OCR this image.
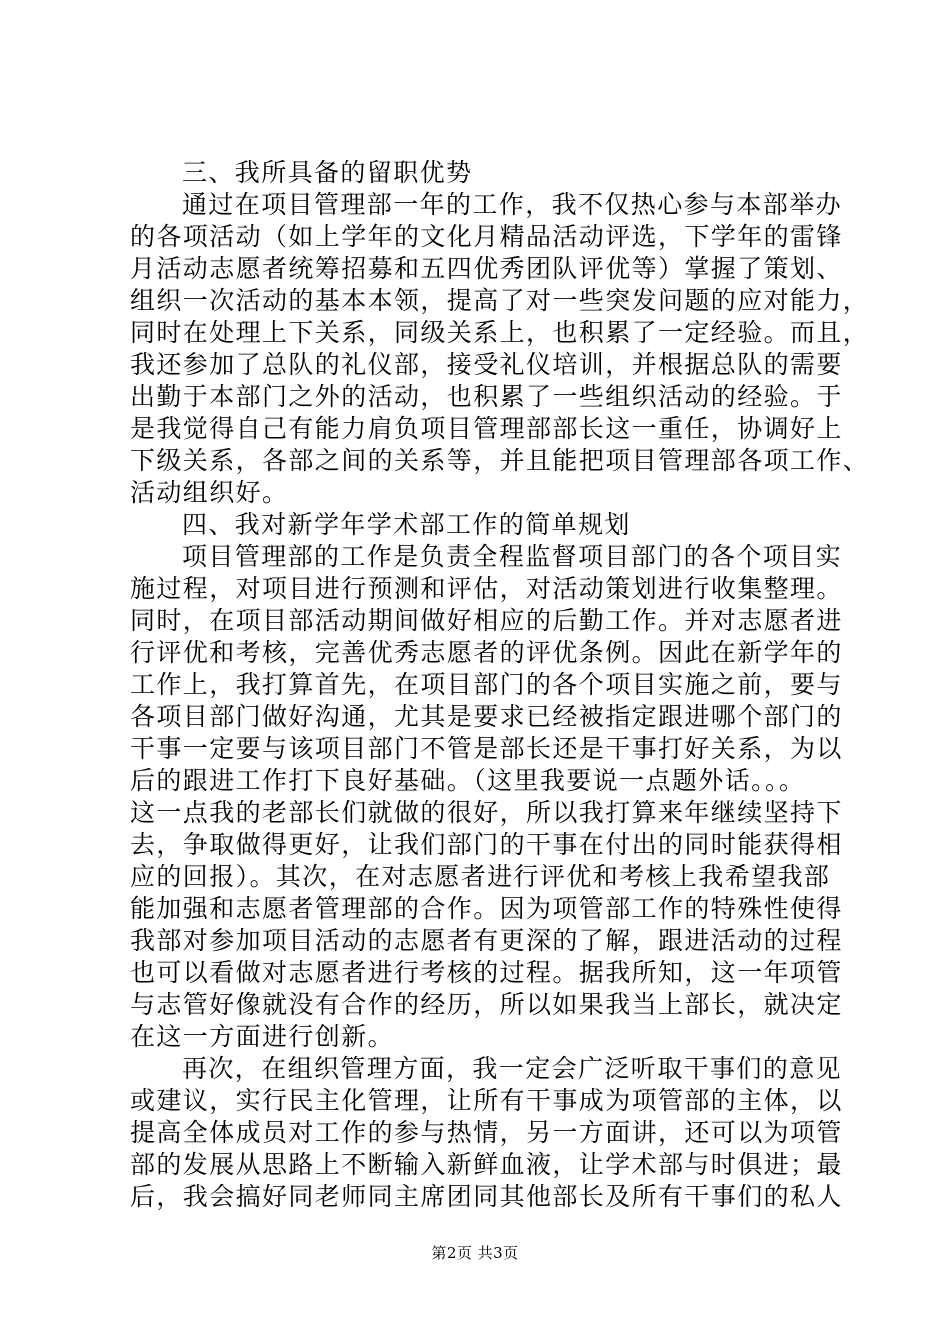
三、我所具备的留职优势
通过在项目管理部一年的工作，我不仅热心参与本部举办
的各项活动（如上学年的文化月精品活动评选，下学年的雷锋
月活动志愿者统筹招募和五四优秀团队评优等）掌握了策划、
组织一次活动的基本本领，提高了对一些突发问题的应对能力，
同时在处理上下关系，同级关系上，也积累了一定经验。而且，
我还参加了总队的礼仪部，接受礼仪培训，并根据总队的需要
出勤于本部门之外的活动，也积累了一些组织活动的经验。于
是我觉得自己有能力肩负项目管理部部长这一重任，协调好上
下级关系，各部之间的关系等，并且能把项目管理部各项工作、
活动组织好。
四、我对新学年学术部工作的简单规划
项目管理部的工作是负责全程监督项目部门的各个项目实
施过程，对项目进行预测和评估，对活动策划进行收集整理。
同时，在项目部活动期间做好相应的后勤工作。并对志愿者进
行评优和考核，完善优秀志愿者的评优条例。因此在新学年的
工作上，我打算首先，在项目部门的各个项目实施之前，要与
各项目部门做好沟通，尤其是要求已经被指定跟进哪个部门的
干事一定要与该项目部门不管是部长还是干事打好关系，为以
后的跟进工作打下良好基础。（这里我要说一点题外话。。。
这一点我的老部长们就做的很好，所以我打算来年继续坚持下
去，争取做得更好，让我们部门的干事在付出的同时能获得相
应的回报）。其次，在对志愿者进行评优和考核上我希望我部
能加强和志愿者管理部的合作。因为项管部工作的特殊性使得
我部对参加项目活动的志愿者有更深的了解，跟进活动的过程
也可以看做对志愿者进行考核的过程。据我所知，这一年项管
与志管好像就没有合作的经历，所以如果我当上部长，就决定
在这一方面进行创新。
再次，在组织管理方面，我一定会广泛听取干事们的意见
或建议，实行民主化管理，让所有干事成为项管部的主体，以
提高全体成员对工作的参与热情，另一方面讲，还可以为项管
部的发展从思路上不断输入新鲜血液，让学术部与时俱进；最
后，我会搞好同老师同主席团同其他部长及所有干事们的私人
第2页 共3页
